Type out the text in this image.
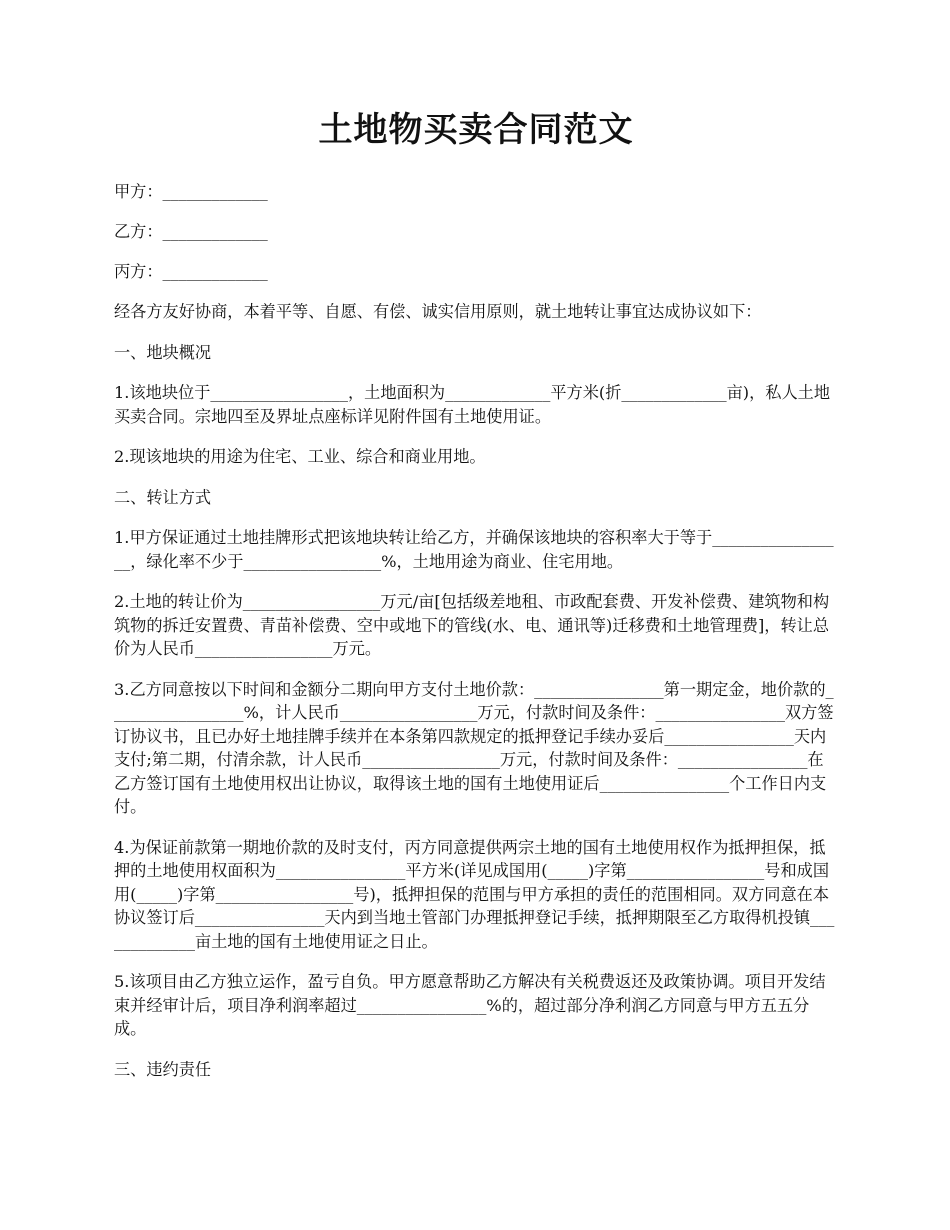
土地物买卖合同范文

甲方：_____________

乙方：_____________

丙方：_____________

经各方友好协商，本着平等、自愿、有偿、诚实信用原则，就土地转让事宜达成协议如下：

一、地块概况

1.该地块位于_________________，土地面积为_____________平方米(折_____________亩)，私人土地买卖合同。宗地四至及界址点座标详见附件国有土地使用证。

2.现该地块的用途为住宅、工业、综合和商业用地。

二、转让方式

1.甲方保证通过土地挂牌形式把该地块转让给乙方，并确保该地块的容积率大于等于_________________，绿化率不少于_________________%，土地用途为商业、住宅用地。

2.土地的转让价为_________________万元/亩[包括级差地租、市政配套费、开发补偿费、建筑物和构筑物的拆迁安置费、青苗补偿费、空中或地下的管线(水、电、通讯等)迁移费和土地管理费]，转让总价为人民币_________________万元。

3.乙方同意按以下时间和金额分二期向甲方支付土地价款：________________第一期定金，地价款的_________________%，计人民币_________________万元，付款时间及条件：________________双方签订协议书，且已办好土地挂牌手续并在本条第四款规定的抵押登记手续办妥后________________天内支付;第二期，付清余款，计人民币_________________万元，付款时间及条件：________________在乙方签订国有土地使用权出让协议，取得该土地的国有土地使用证后________________个工作日内支付。

4.为保证前款第一期地价款的及时支付，丙方同意提供两宗土地的国有土地使用权作为抵押担保，抵押的土地使用权面积为________________平方米(详见成国用(_____)字第_________________号和成国用(_____)字第_________________号)，抵押担保的范围与甲方承担的责任的范围相同。双方同意在本协议签订后________________天内到当地土管部门办理抵押登记手续，抵押期限至乙方取得机投镇_____________亩土地的国有土地使用证之日止。

5.该项目由乙方独立运作，盈亏自负。甲方愿意帮助乙方解决有关税费返还及政策协调。项目开发结束并经审计后，项目净利润率超过________________%的，超过部分净利润乙方同意与甲方五五分成。

三、违约责任
